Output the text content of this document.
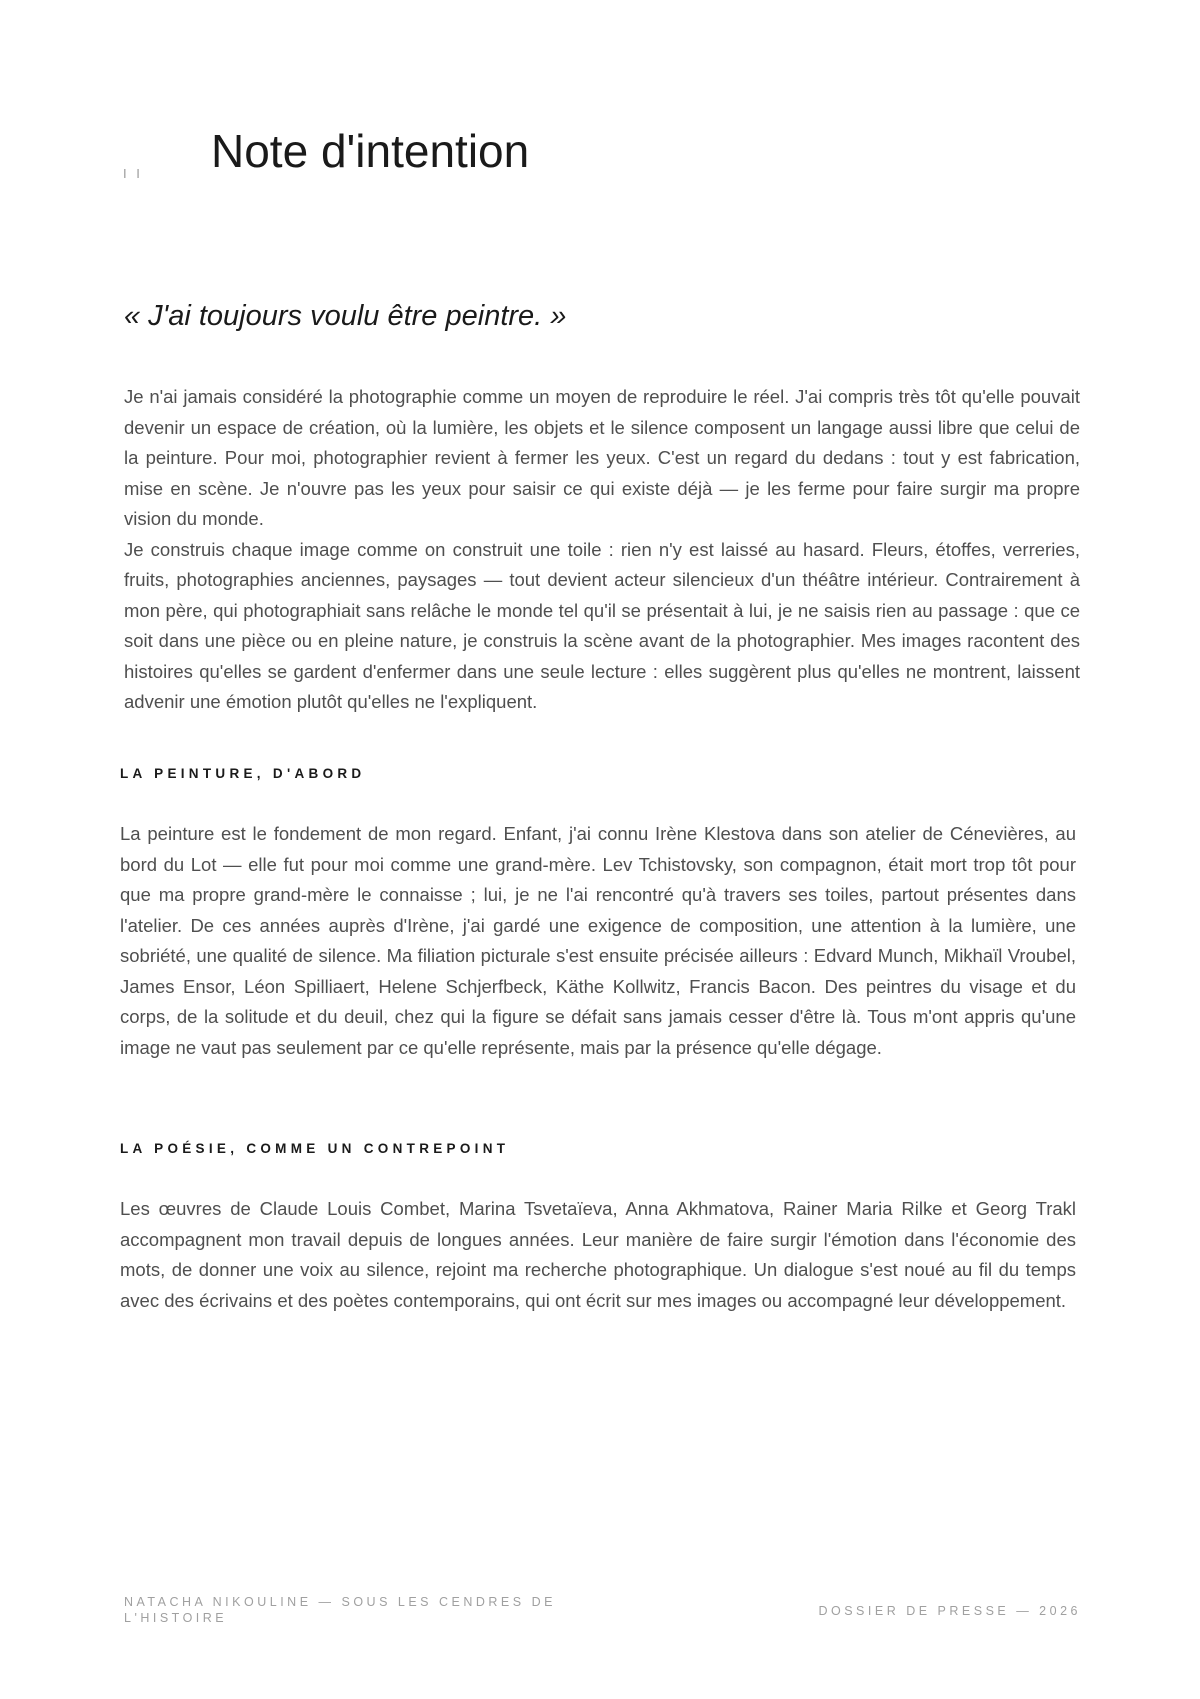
I I Note d'intention

« J'ai toujours voulu être peintre. »

Je n'ai jamais considéré la photographie comme un moyen de reproduire le réel. J'ai compris très tôt qu'elle pouvait devenir un espace de création, où la lumière, les objets et le silence composent un langage aussi libre que celui de la peinture. Pour moi, photographier revient à fermer les yeux. C'est un regard du dedans : tout y est fabrication, mise en scène. Je n'ouvre pas les yeux pour saisir ce qui existe déjà — je les ferme pour faire surgir ma propre vision du monde.

Je construis chaque image comme on construit une toile : rien n'y est laissé au hasard. Fleurs, étoffes, verreries, fruits, photographies anciennes, paysages — tout devient acteur silencieux d'un théâtre intérieur. Contrairement à mon père, qui photographiait sans relâche le monde tel qu'il se présentait à lui, je ne saisis rien au passage : que ce soit dans une pièce ou en pleine nature, je construis la scène avant de la photographier. Mes images racontent des histoires qu'elles se gardent d'enfermer dans une seule lecture : elles suggèrent plus qu'elles ne montrent, laissent advenir une émotion plutôt qu'elles ne l'expliquent.

LA PEINTURE, D'ABORD

La peinture est le fondement de mon regard. Enfant, j'ai connu Irène Klestova dans son atelier de Cénevières, au bord du Lot — elle fut pour moi comme une grand-mère. Lev Tchistovsky, son compagnon, était mort trop tôt pour que ma propre grand-mère le connaisse ; lui, je ne l'ai rencontré qu'à travers ses toiles, partout présentes dans l'atelier. De ces années auprès d'Irène, j'ai gardé une exigence de composition, une attention à la lumière, une sobriété, une qualité de silence. Ma filiation picturale s'est ensuite précisée ailleurs : Edvard Munch, Mikhaïl Vroubel, James Ensor, Léon Spilliaert, Helene Schjerfbeck, Käthe Kollwitz, Francis Bacon. Des peintres du visage et du corps, de la solitude et du deuil, chez qui la figure se défait sans jamais cesser d'être là. Tous m'ont appris qu'une image ne vaut pas seulement par ce qu'elle représente, mais par la présence qu'elle dégage.

LA POÉSIE, COMME UN CONTREPOINT

Les œuvres de Claude Louis Combet, Marina Tsvetaïeva, Anna Akhmatova, Rainer Maria Rilke et Georg Trakl accompagnent mon travail depuis de longues années. Leur manière de faire surgir l'émotion dans l'économie des mots, de donner une voix au silence, rejoint ma recherche photographique. Un dialogue s'est noué au fil du temps avec des écrivains et des poètes contemporains, qui ont écrit sur mes images ou accompagné leur développement.

NATACHA NIKOULINE — SOUS LES CENDRES DE L'HISTOIRE	DOSSIER DE PRESSE — 2026
